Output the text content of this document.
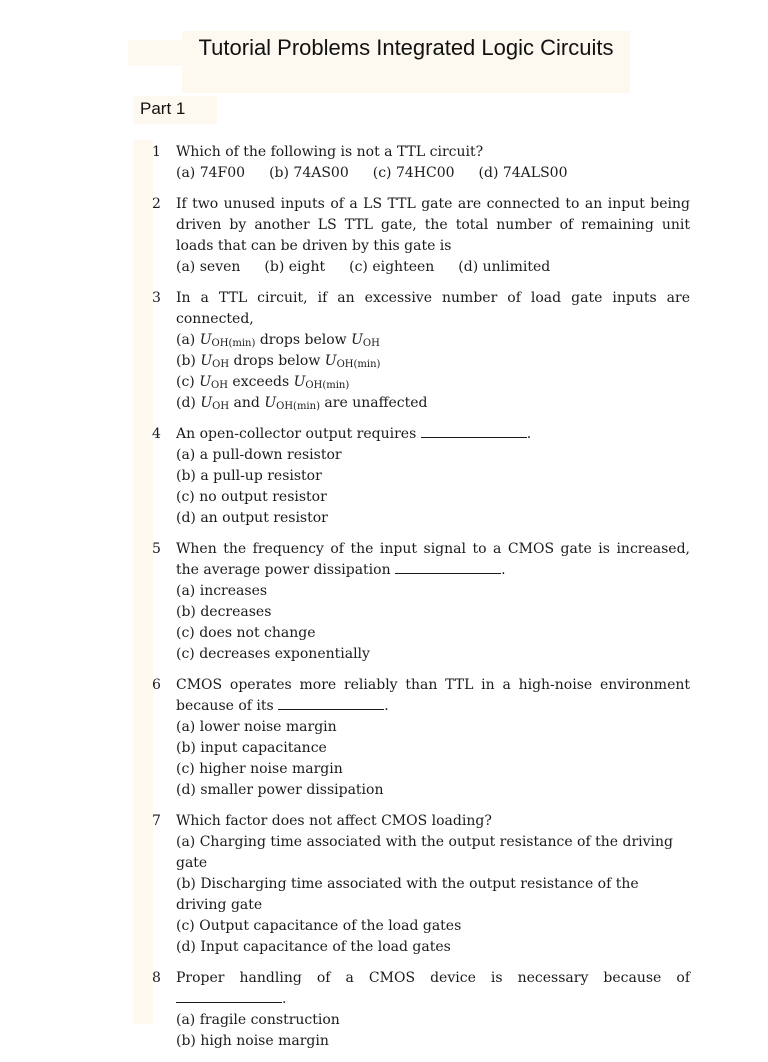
Tutorial Problems Integrated Logic Circuits
Part 1
1	Which of the following is not a TTL circuit?
(a) 74F00 (b) 74AS00 (c) 74HC00 (d) 74ALS00
2	If two unused inputs of a LS TTL gate are connected to an input being driven by another LS TTL gate, the total number of remaining unit loads that can be driven by this gate is
(a) seven (b) eight (c) eighteen (d) unlimited
3	In a TTL circuit, if an excessive number of load gate inputs are connected,
(a) $U_{OH(min)}$ drops below $U_{OH}$
(b) $U_{OH}$ drops below $U_{OH(min)}$
(c) $U_{OH}$ exceeds $U_{OH(min)}$
(d) $U_{OH}$ and $U_{OH(min)}$ are unaffected
4	An open-collector output requires	.
(a) a pull-down resistor
(b) a pull-up resistor
(c) no output resistor
(d) an output resistor
5	When the frequency of the input signal to a CMOS gate is increased, the average power dissipation	.
(a) increases
(b) decreases
(c) does not change
(c) decreases exponentially
6	CMOS operates more reliably than TTL in a high-noise environment because of its	.
(a) lower noise margin
(b) input capacitance
(c) higher noise margin
(d) smaller power dissipation
7	Which factor does not affect CMOS loading?
(a) Charging time associated with the output resistance of the driving gate
(b) Discharging time associated with the output resistance of the driving gate
(c) Output capacitance of the load gates
(d) Input capacitance of the load gates
8	Proper handling of a CMOS device is necessary because of .
(a) fragile construction
(b) high noise margin
